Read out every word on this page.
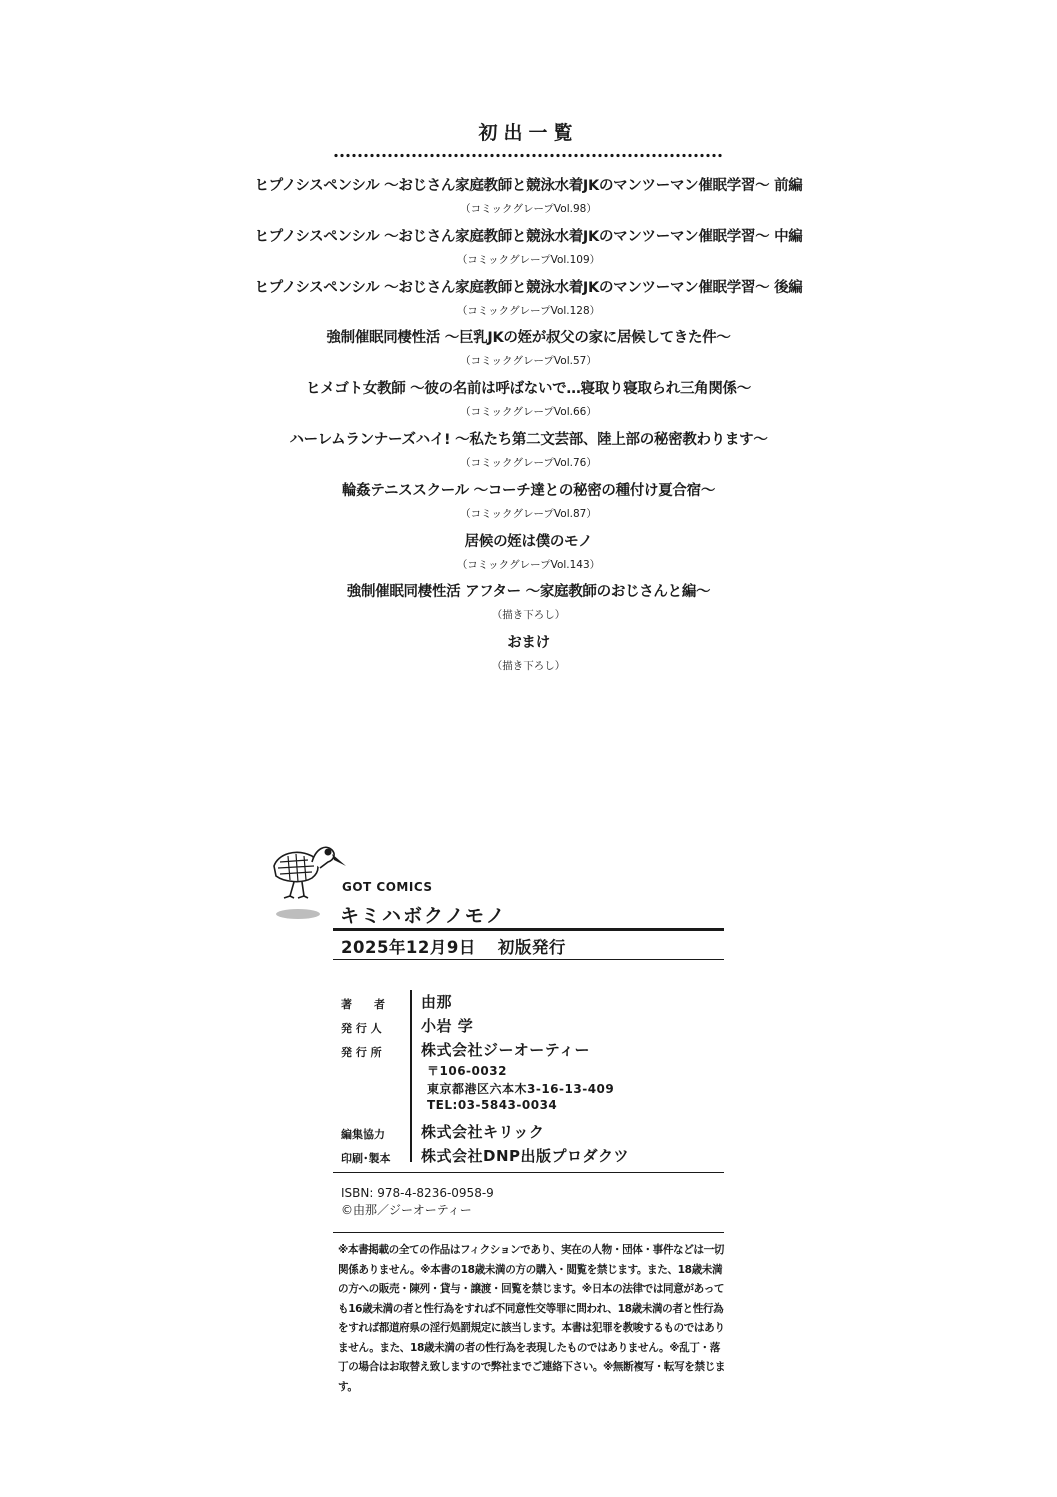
初出一覧
ヒプノシスペンシル ～おじさん家庭教師と競泳水着JKのマンツーマン催眠学習～ 前編
（コミックグレープVol.98）
ヒプノシスペンシル ～おじさん家庭教師と競泳水着JKのマンツーマン催眠学習～ 中編
（コミックグレープVol.109）
ヒプノシスペンシル ～おじさん家庭教師と競泳水着JKのマンツーマン催眠学習～ 後編
（コミックグレープVol.128）
強制催眠同棲性活 ～巨乳JKの姪が叔父の家に居候してきた件～
（コミックグレープVol.57）
ヒメゴト女教師 ～彼の名前は呼ばないで…寝取り寝取られ三角関係～
（コミックグレープVol.66）
ハーレムランナーズハイ! ～私たち第二文芸部、陸上部の秘密教わります～
（コミックグレープVol.76）
輪姦テニススクール ～コーチ達との秘密の種付け夏合宿～
（コミックグレープVol.87）
居候の姪は僕のモノ
（コミックグレープVol.143）
強制催眠同棲性活 アフター ～家庭教師のおじさんと編～
（描き下ろし）
おまけ
（描き下ろし）
GOT COMICS
キミハボクノモノ
2025年12月9日 初版発行
著　　者	由那
発 行 人	小岩 学
発 行 所	株式会社ジーオーティー
〒106-0032
東京都港区六本木3-16-13-409
TEL:03-5843-0034
編集協力	株式会社キリック
印刷･製本	株式会社DNP出版プロダクツ
ISBN: 978-4-8236-0958-9
©由那／ジーオーティー
※本書掲載の全ての作品はフィクションであり、実在の人物・団体・事件などは一切関係ありません。※本書の18歳未満の方の購入・閲覧を禁じます。また、18歳未満の方への販売・陳列・貸与・譲渡・回覧を禁じます。※日本の法律では同意があっても16歳未満の者と性行為をすれば不同意性交等罪に問われ、18歳未満の者と性行為をすれば都道府県の淫行処罰規定に該当します。本書は犯罪を教唆するものではありません。また、18歳未満の者の性行為を表現したものではありません。※乱丁・落丁の場合はお取替え致しますので弊社までご連絡下さい。※無断複写・転写を禁じます。
